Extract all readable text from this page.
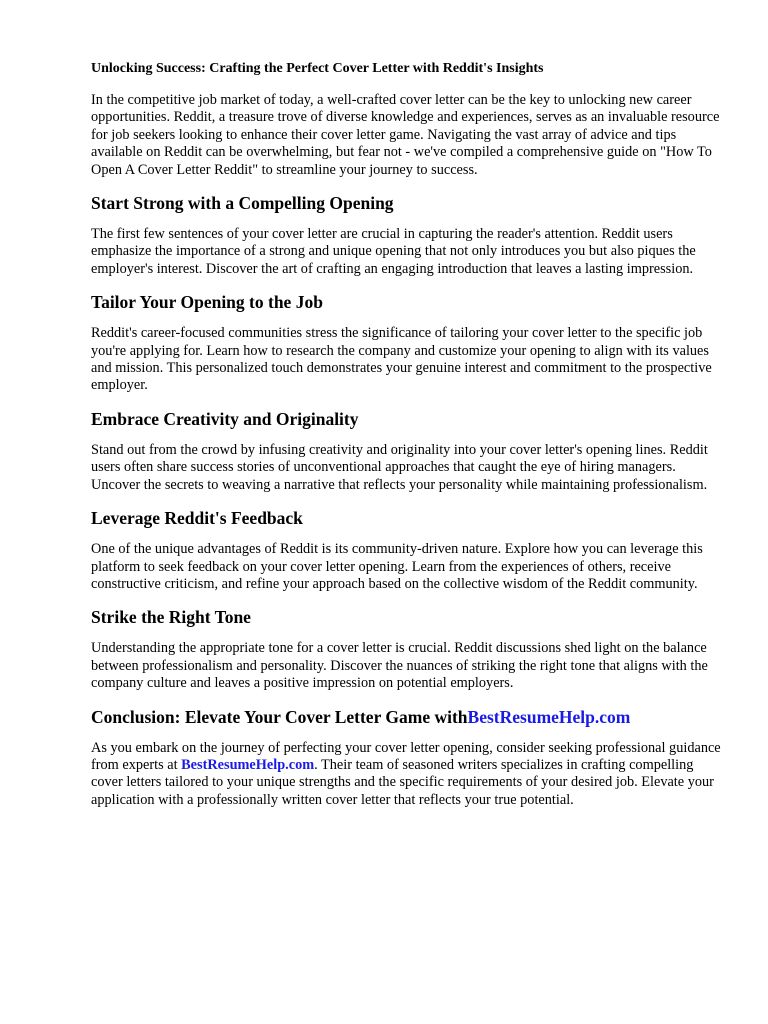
Unlocking Success: Crafting the Perfect Cover Letter with Reddit's Insights

In the competitive job market of today, a well-crafted cover letter can be the key to unlocking new career opportunities. Reddit, a treasure trove of diverse knowledge and experiences, serves as an invaluable resource for job seekers looking to enhance their cover letter game. Navigating the vast array of advice and tips available on Reddit can be overwhelming, but fear not - we've compiled a comprehensive guide on "How To Open A Cover Letter Reddit" to streamline your journey to success.

Start Strong with a Compelling Opening

The first few sentences of your cover letter are crucial in capturing the reader's attention. Reddit users emphasize the importance of a strong and unique opening that not only introduces you but also piques the employer's interest. Discover the art of crafting an engaging introduction that leaves a lasting impression.

Tailor Your Opening to the Job

Reddit's career-focused communities stress the significance of tailoring your cover letter to the specific job you're applying for. Learn how to research the company and customize your opening to align with its values and mission. This personalized touch demonstrates your genuine interest and commitment to the prospective employer.

Embrace Creativity and Originality

Stand out from the crowd by infusing creativity and originality into your cover letter's opening lines. Reddit users often share success stories of unconventional approaches that caught the eye of hiring managers. Uncover the secrets to weaving a narrative that reflects your personality while maintaining professionalism.

Leverage Reddit's Feedback

One of the unique advantages of Reddit is its community-driven nature. Explore how you can leverage this platform to seek feedback on your cover letter opening. Learn from the experiences of others, receive constructive criticism, and refine your approach based on the collective wisdom of the Reddit community.

Strike the Right Tone

Understanding the appropriate tone for a cover letter is crucial. Reddit discussions shed light on the balance between professionalism and personality. Discover the nuances of striking the right tone that aligns with the company culture and leaves a positive impression on potential employers.

Conclusion: Elevate Your Cover Letter Game withBestResumeHelp.com

As you embark on the journey of perfecting your cover letter opening, consider seeking professional guidance from experts at BestResumeHelp.com. Their team of seasoned writers specializes in crafting compelling cover letters tailored to your unique strengths and the specific requirements of your desired job. Elevate your application with a professionally written cover letter that reflects your true potential.
